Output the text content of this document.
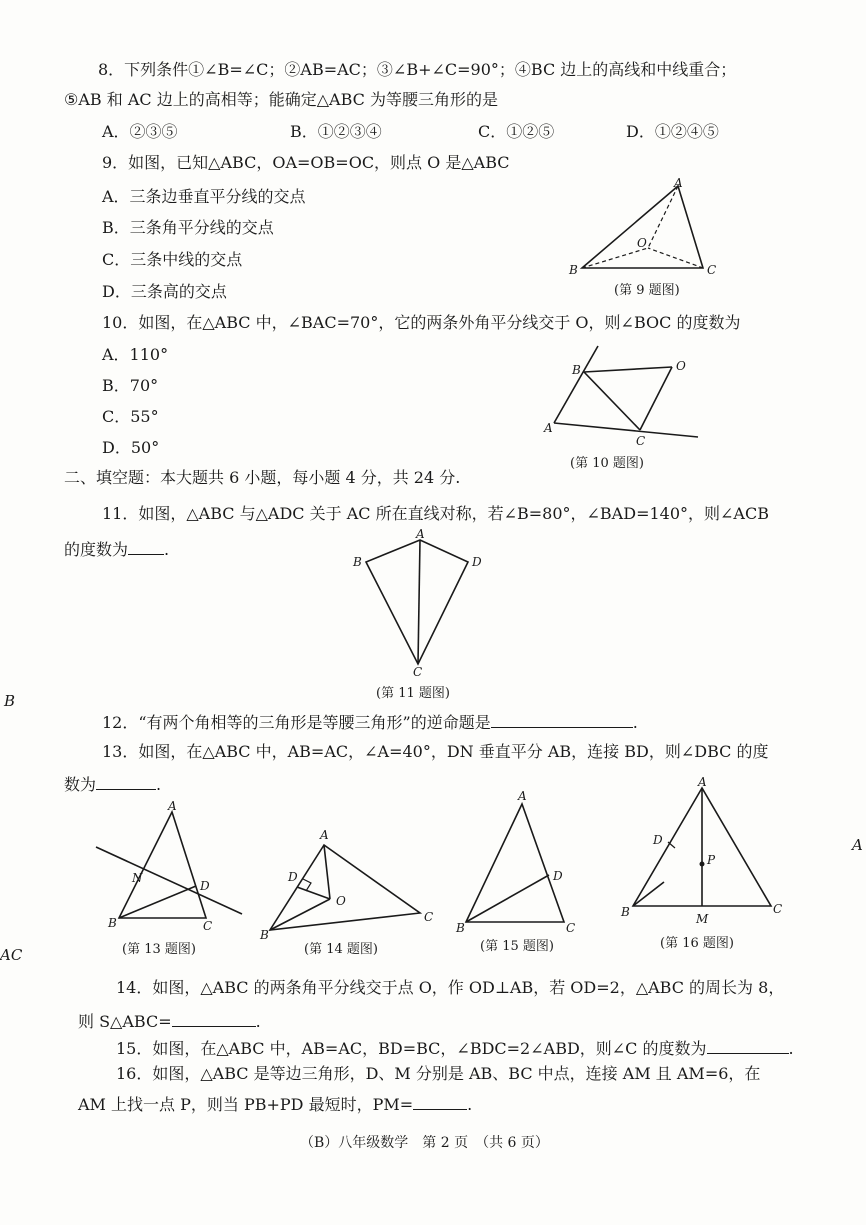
8．下列条件①∠B=∠C；②AB=AC；③∠B+∠C=90°；④BC 边上的高线和中线重合；
⑤AB 和 AC 边上的高相等；能确定△ABC 为等腰三角形的是
A．②③⑤	B．①②③④	C．①②⑤	D．①②④⑤
9．如图，已知△ABC，OA=OB=OC，则点 O 是△ABC
A．三条边垂直平分线的交点
B．三条角平分线的交点
C．三条中线的交点
D．三条高的交点
A
O
B	C
(第 9 题图)
10．如图，在△ABC 中，∠BAC=70°，它的两条外角平分线交于 O，则∠BOC 的度数为
A．110°
B．70°
C．55°
D．50°
B	O
A
C
(第 10 题图)
二、填空题：本大题共 6 小题，每小题 4 分，共 24 分.
11．如图，△ABC 与△ADC 关于 AC 所在直线对称，若∠B=80°，∠BAD=140°，则∠ACB
的度数为 .
A
B	D
C
(第 11 题图)
12．“有两个角相等的三角形是等腰三角形”的逆命题是	.
13．如图，在△ABC 中，AB=AC，∠A=40°，DN 垂直平分 AB，连接 BD，则∠DBC 的度
数为	.
A
N
D
B	C
(第 13 题图)
A
D
O
B
C
(第 14 题图)
A
D
B	C
(第 15 题图)
A
D
P
B	M
C
(第 16 题图)
14．如图，△ABC 的两条角平分线交于点 O，作 OD⊥AB，若 OD=2，△ABC 的周长为 8，
则 S△ABC=	.
15．如图，在△ABC 中，AB=AC，BD=BC，∠BDC=2∠ABD，则∠C 的度数为	.
16．如图，△ABC 是等边三角形，D、M 分别是 AB、BC 中点，连接 AM 且 AM=6，在
AM 上找一点 P，则当 PB+PD 最短时，PM=	.
（B）八年级数学　第 2 页　（共 6 页）
B
AC
A
